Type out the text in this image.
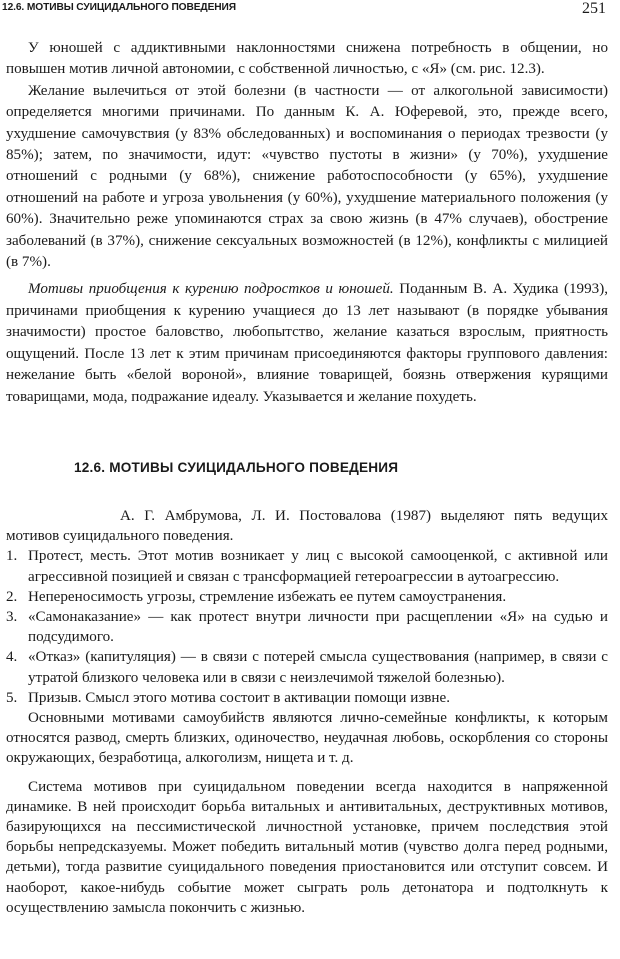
12.6. МОТИВЫ СУИЦИДАЛЬНОГО ПОВЕДЕНИЯ	251

У юношей с аддиктивными наклонностями снижена потребность в общении, но повышен мотив личной автономии, с собственной личностью, с «Я» (см. рис. 12.3).

Желание вылечиться от этой болезни (в частности — от алкогольной зависимости) определяется многими причинами. По данным К. А. Юферевой, это, прежде всего, ухудшение самочувствия (у 83% обследованных) и воспоминания о периодах трезвости (у 85%); затем, по значимости, идут: «чувство пустоты в жизни» (у 70%), ухудшение отношений с родными (у 68%), снижение работоспособности (у 65%), ухудшение отношений на работе и угроза увольнения (у 60%), ухудшение материального положения (у 60%). Значительно реже упоминаются страх за свою жизнь (в 47% случаев), обострение заболеваний (в 37%), снижение сексуальных возможностей (в 12%), конфликты с милицией (в 7%).

Мотивы приобщения к курению подростков и юношей. Поданным В. А. Худика (1993), причинами приобщения к курению учащиеся до 13 лет называют (в порядке убывания значимости) простое баловство, любопытство, желание казаться взрослым, приятность ощущений. После 13 лет к этим причинам присоединяются факторы группового давления: нежелание быть «белой вороной», влияние товарищей, боязнь отвержения курящими товарищами, мода, подражание идеалу. Указывается и желание похудеть.

12.6. МОТИВЫ СУИЦИДАЛЬНОГО ПОВЕДЕНИЯ

А. Г. Амбрумова, Л. И. Постовалова (1987) выделяют пять ведущих мотивов суицидального поведения.

1. Протест, месть. Этот мотив возникает у лиц с высокой самооценкой, с активной или агрессивной позицией и связан с трансформацией гетероагрессии в аутоагрессию.
2. Непереносимость угрозы, стремление избежать ее путем самоустранения.
3. «Самонаказание» — как протест внутри личности при расщеплении «Я» на судью и подсудимого.
4. «Отказ» (капитуляция) — в связи с потерей смысла существования (например, в связи с утратой близкого человека или в связи с неизлечимой тяжелой болезнью).
5. Призыв. Смысл этого мотива состоит в активации помощи извне.

Основными мотивами самоубийств являются лично-семейные конфликты, к которым относятся развод, смерть близких, одиночество, неудачная любовь, оскорбления со стороны окружающих, безработица, алкоголизм, нищета и т. д.

Система мотивов при суицидальном поведении всегда находится в напряженной динамике. В ней происходит борьба витальных и антивитальных, деструктивных мотивов, базирующихся на пессимистической личностной установке, причем последствия этой борьбы непредсказуемы. Может победить витальный мотив (чувство долга перед родными, детьми), тогда развитие суицидального поведения приостановится или отступит совсем. И наоборот, какое-нибудь событие может сыграть роль детонатора и подтолкнуть к осуществлению замысла покончить с жизнью.
